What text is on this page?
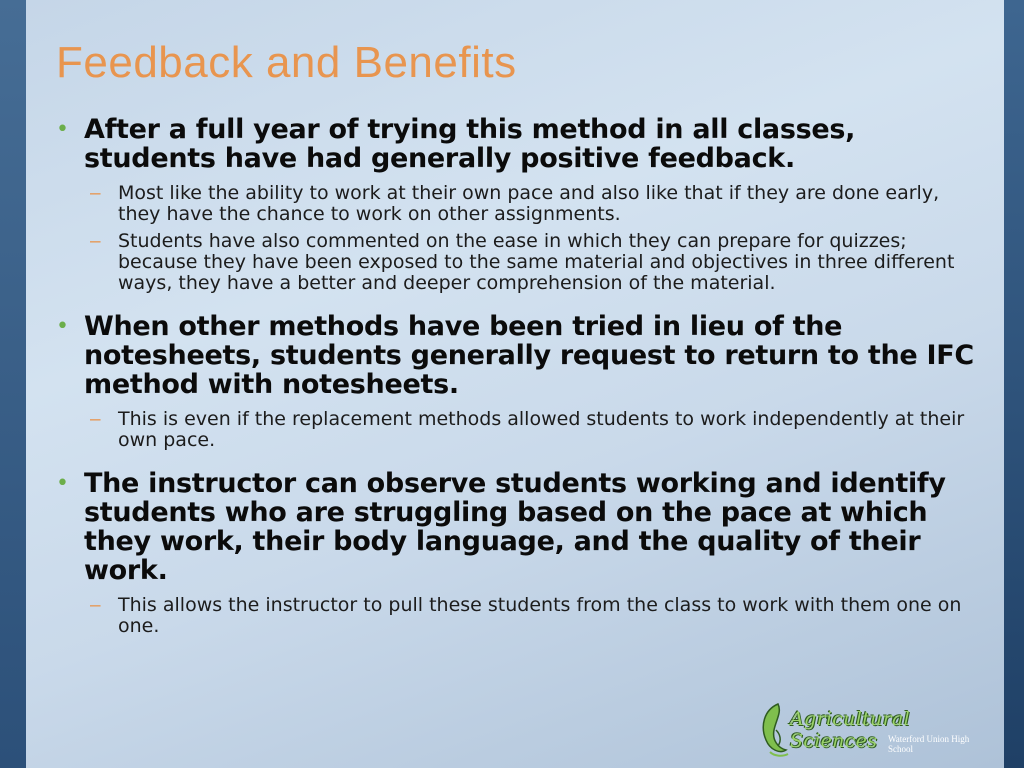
Feedback and Benefits
• After a full year of trying this method in all classes, students have had generally positive feedback.
– Most like the ability to work at their own pace and also like that if they are done early, they have the chance to work on other assignments.
– Students have also commented on the ease in which they can prepare for quizzes; because they have been exposed to the same material and objectives in three different ways, they have a better and deeper comprehension of the material.
• When other methods have been tried in lieu of the notesheets, students generally request to return to the IFC method with notesheets.
– This is even if the replacement methods allowed students to work independently at their own pace.
• The instructor can observe students working and identify students who are struggling based on the pace at which they work, their body language, and the quality of their work.
– This allows the instructor to pull these students from the class to work with them one on one.
Agricultural Sciences	Waterford Union High School
